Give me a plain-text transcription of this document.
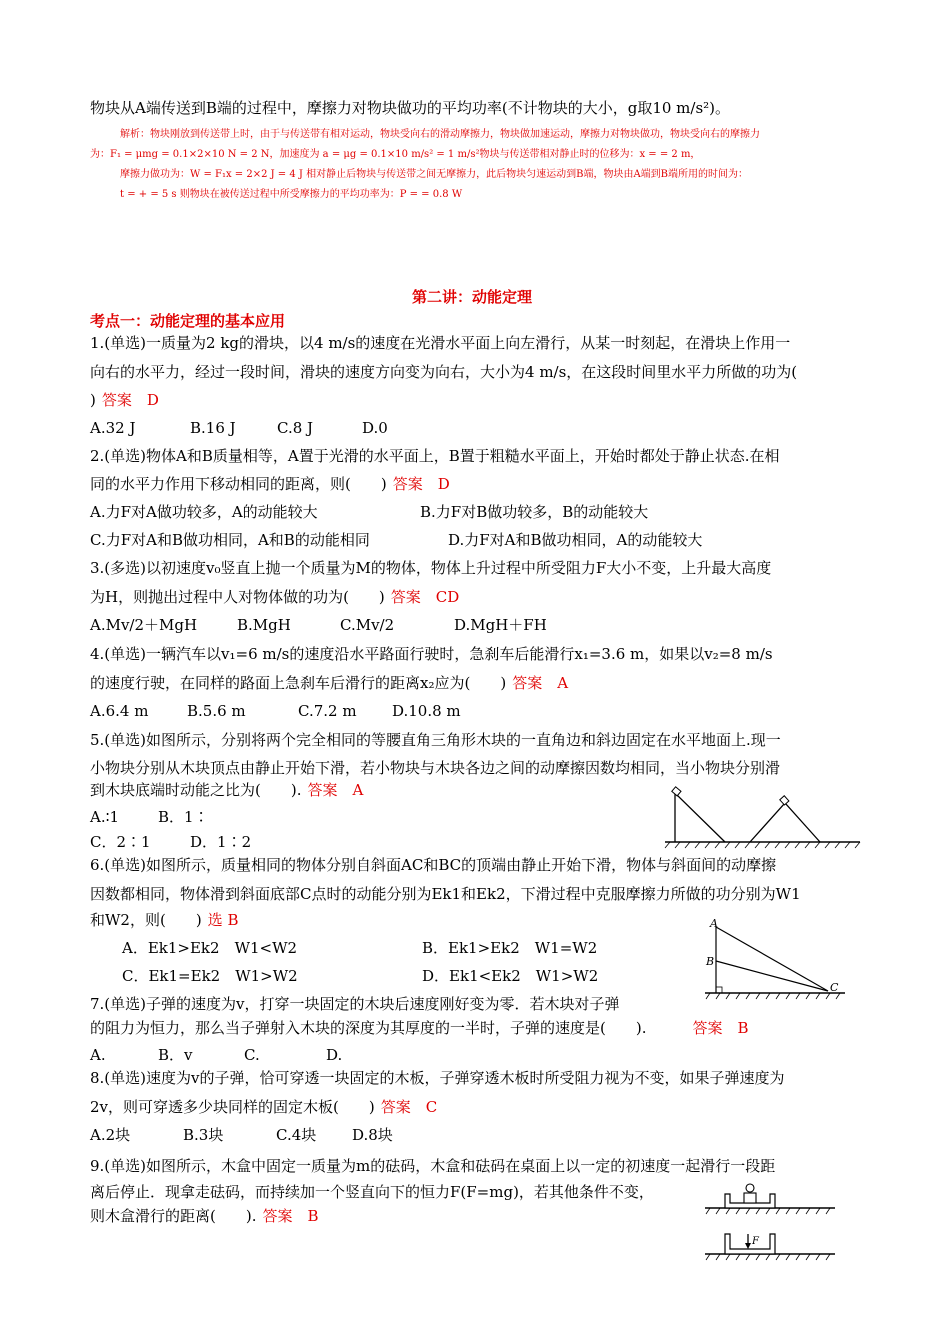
物块从A端传送到B端的过程中，摩擦力对物块做功的平均功率(不计物块的大小，g取10 m/s²)。
解析：物块刚放到传送带上时，由于与传送带有相对运动，物块受向右的滑动摩擦力，物块做加速运动，摩擦力对物块做功，物块受向右的摩擦力
为：F₁ = μmg = 0.1×2×10 N = 2 N，加速度为 a = μg = 0.1×10 m/s² = 1 m/s²物块与传送带相对静止时的位移为：x = = 2 m，
摩擦力做功为：W = F₁x = 2×2 J = 4 J 相对静止后物块与传送带之间无摩擦力，此后物块匀速运动到B端，物块由A端到B端所用的时间为：
t = + = 5 s 则物块在被传送过程中所受摩擦力的平均功率为：P = = 0.8 W
第二讲：动能定理
考点一：动能定理的基本应用
1.(单选)一质量为2 kg的滑块，以4 m/s的速度在光滑水平面上向左滑行，从某一时刻起，在滑块上作用一
向右的水平力，经过一段时间，滑块的速度方向变为向右，大小为4 m/s，在这段时间里水平力所做的功为(
) 答案　D
A.32 J	B.16 J	C.8 J	D.0
2.(单选)物体A和B质量相等，A置于光滑的水平面上，B置于粗糙水平面上，开始时都处于静止状态.在相
同的水平力作用下移动相同的距离，则(　　) 答案　D
A.力F对A做功较多，A的动能较大	B.力F对B做功较多，B的动能较大
C.力F对A和B做功相同，A和B的动能相同	D.力F对A和B做功相同，A的动能较大
3.(多选)以初速度v₀竖直上抛一个质量为M的物体，物体上升过程中所受阻力F大小不变，上升最大高度
为H，则抛出过程中人对物体做的功为(　　) 答案　CD
A.Mv/2＋MgH	B.MgH	C.Mv/2	D.MgH＋FH
4.(单选)一辆汽车以v₁=6 m/s的速度沿水平路面行驶时，急刹车后能滑行x₁=3.6 m，如果以v₂=8 m/s
的速度行驶，在同样的路面上急刹车后滑行的距离x₂应为(　　) 答案　A
A.6.4 m	B.5.6 m	C.7.2 m D.10.8 m
5.(单选)如图所示，分别将两个完全相同的等腰直角三角形木块的一直角边和斜边固定在水平地面上.现一
小物块分别从木块顶点由静止开始下滑，若小物块与木块各边之间的动摩擦因数均相同，当小物块分别滑
到木块底端时动能之比为(　　). 答案　A
A.∶1	B．1∶
C．2∶1	D．1∶2
6.(单选)如图所示，质量相同的物体分别自斜面AC和BC的顶端由静止开始下滑，物体与斜面间的动摩擦
因数都相同，物体滑到斜面底部C点时的动能分别为Ek1和Ek2，下滑过程中克服摩擦力所做的功分别为W1
和W2，则(　　) 选 B
A．Ek1>Ek2　W1<W2	B．Ek1>Ek2　W1=W2
C．Ek1=Ek2　W1>W2	D．Ek1<Ek2　W1>W2
A
B
C
7.(单选)子弹的速度为v，打穿一块固定的木块后速度刚好变为零．若木块对子弹
的阻力为恒力，那么当子弹射入木块的深度为其厚度的一半时，子弹的速度是(　　).	答案　B
A.	B．v	C.	D.
8.(单选)速度为v的子弹，恰可穿透一块固定的木板，子弹穿透木板时所受阻力视为不变，如果子弹速度为
2v，则可穿透多少块同样的固定木板(　　) 答案　C
A.2块	B.3块	C.4块 D.8块
9.(单选)如图所示，木盒中固定一质量为m的砝码，木盒和砝码在桌面上以一定的初速度一起滑行一段距
离后停止．现拿走砝码，而持续加一个竖直向下的恒力F(F=mg)，若其他条件不变，
则木盒滑行的距离(　　). 答案　B
F
